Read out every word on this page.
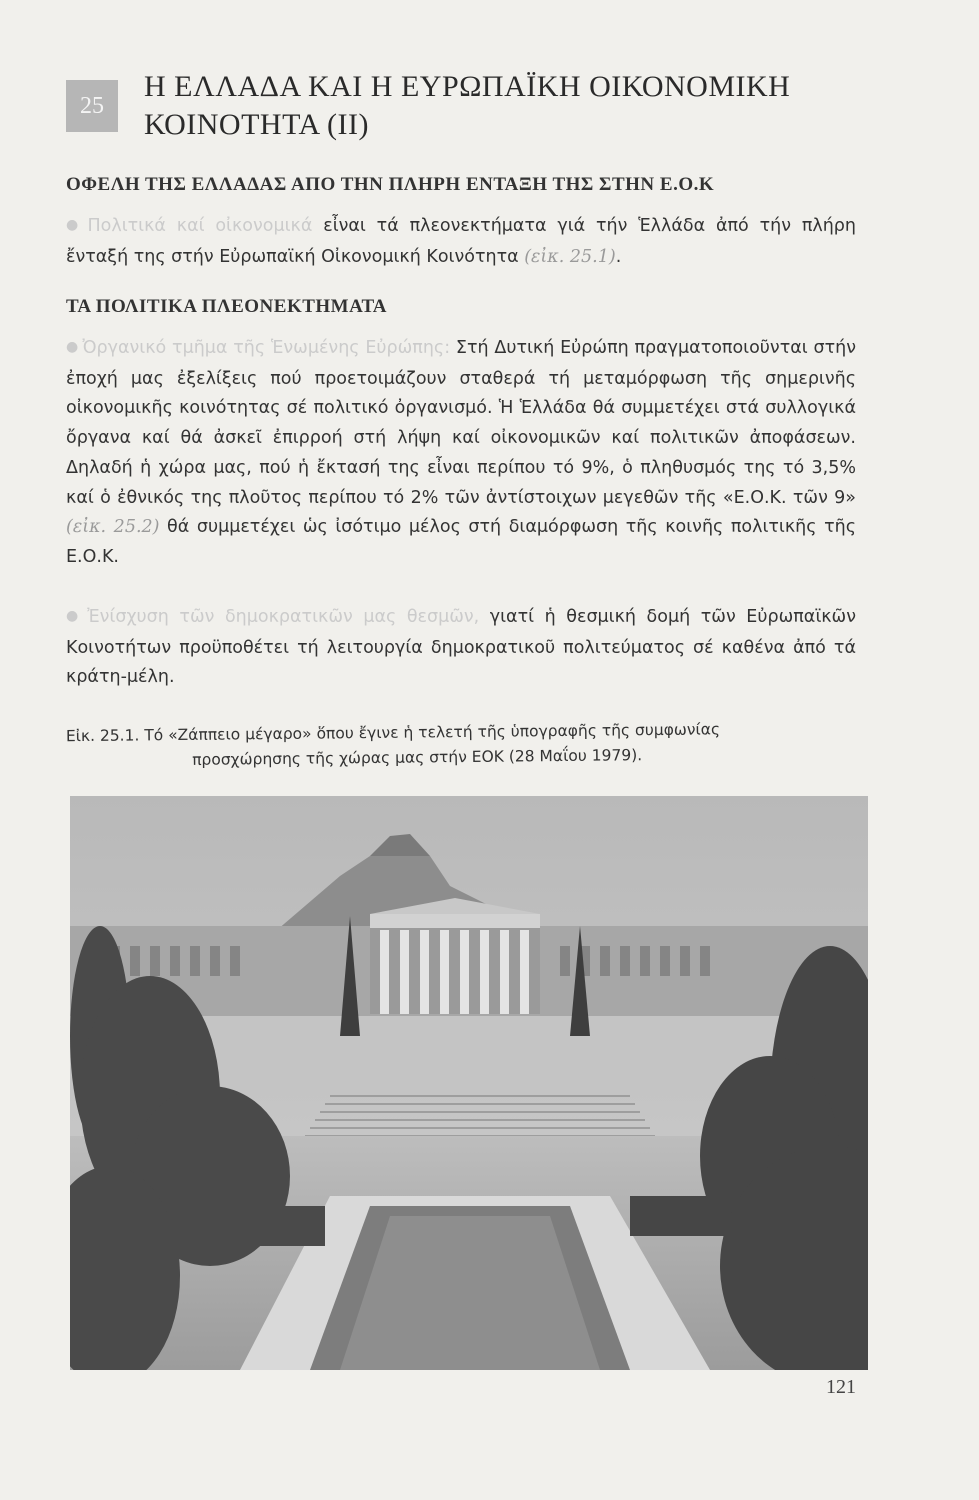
25
Η ΕΛΛΑΔΑ ΚΑΙ Η ΕΥΡΩΠΑΪΚΗ ΟΙΚΟΝΟΜΙΚΗ
ΚΟΙΝΟΤΗΤΑ (ΙΙ)
ΟΦΕΛΗ ΤΗΣ ΕΛΛΑΔΑΣ ΑΠΟ ΤΗΝ ΠΛΗΡΗ ΕΝΤΑΞΗ ΤΗΣ ΣΤΗΝ Ε.Ο.Κ

● Πολιτικά καί οἰκονομικά εἶναι τά πλεονεκτήματα γιά τήν Ἑλλάδα ἀπό τήν πλήρη ἔνταξή της στήν Εὐρωπαϊκή Οἰκονομική Κοινότητα (εἰκ. 25.1).

ΤΑ ΠΟΛΙΤΙΚΑ ΠΛΕΟΝΕΚΤΗΜΑΤΑ

● Ὀργανικό τμῆμα τῆς Ἑνωμένης Εὐρώπης: Στή Δυτική Εὐρώπη πραγματοποιοῦνται στήν ἐποχή μας ἐξελίξεις πού προετοιμάζουν σταθερά τή μεταμόρφωση τῆς σημερινῆς οἰκονομικῆς κοινότητας σέ πολιτικό ὀργανισμό. Ἡ Ἑλλάδα θά συμμετέχει στά συλλογικά ὄργανα καί θά ἀσκεῖ ἐπιρροή στή λήψη καί οἰκονομικῶν καί πολιτικῶν ἀποφάσεων. Δηλαδή ἡ χώρα μας, πού ἡ ἔκτασή της εἶναι περίπου τό 9%, ὁ πληθυσμός της τό 3,5% καί ὁ ἐθνικός της πλοῦτος περίπου τό 2% τῶν ἀντίστοιχων μεγεθῶν τῆς «Ε.Ο.Κ. τῶν 9» (εἰκ. 25.2) θά συμμετέχει ὡς ἰσότιμο μέλος στή διαμόρφωση τῆς κοινῆς πολιτικῆς τῆς Ε.Ο.Κ.

● Ἐνίσχυση τῶν δημοκρατικῶν μας θεσμῶν, γιατί ἡ θεσμική δομή τῶν Εὐρωπαϊκῶν Κοινοτήτων προϋποθέτει τή λειτουργία δημοκρατικοῦ πολιτεύματος σέ καθένα ἀπό τά κράτη-μέλη.

Εἰκ. 25.1. Τό «Ζάππειο μέγαρο» ὅπου ἔγινε ἡ τελετή τῆς ὑπογραφῆς τῆς συμφωνίας
προσχώρησης τῆς χώρας μας στήν ΕΟΚ (28 Μαΐου 1979).
121
